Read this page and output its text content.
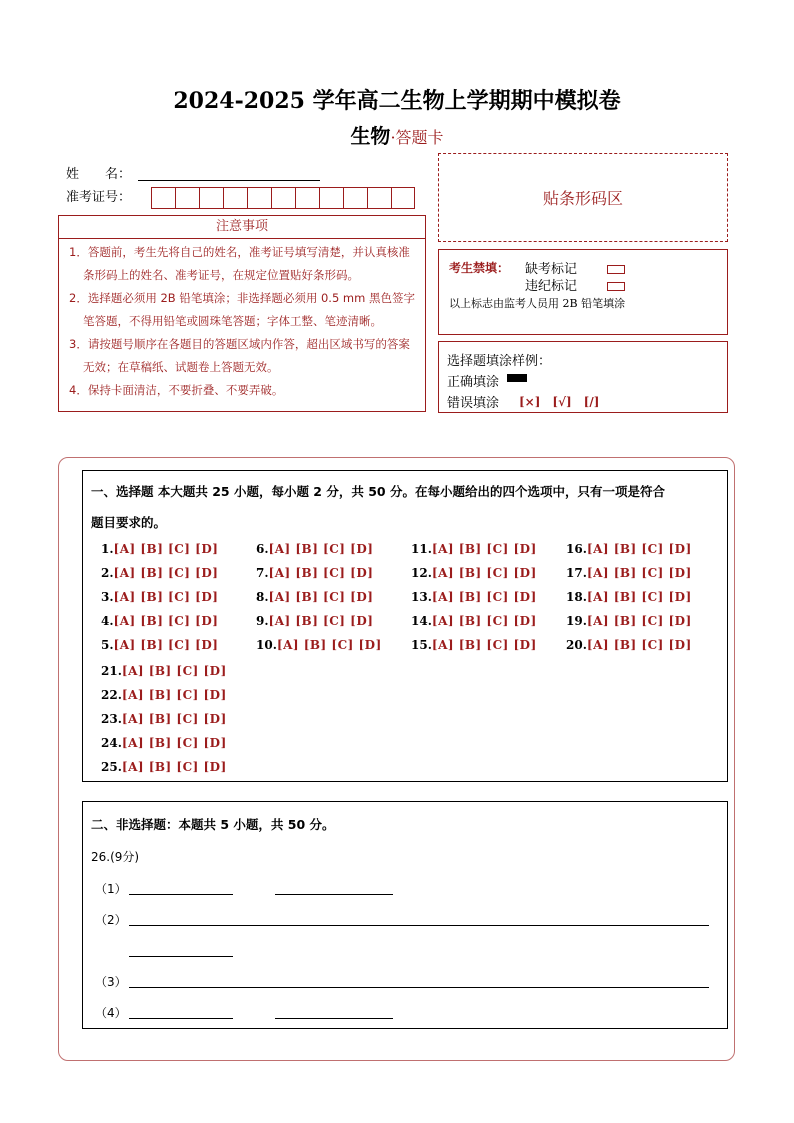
2024-2025 学年高二生物上学期期中模拟卷
生物·答题卡
姓　　名：
准考证号：
注意事项
1．答题前，考生先将自己的姓名，准考证号填写清楚，并认真核准条形码上的姓名、准考证号，在规定位置贴好条形码。
2．选择题必须用 2B 铅笔填涂；非选择题必须用 0.5 mm 黑色签字笔答题，不得用铅笔或圆珠笔答题；字体工整、笔迹清晰。
3．请按题号顺序在各题目的答题区域内作答，超出区域书写的答案无效；在草稿纸、试题卷上答题无效。
4．保持卡面清洁，不要折叠、不要弄破。
贴条形码区
考生禁填： 缺考标记
违纪标记
以上标志由监考人员用 2B 铅笔填涂
选择题填涂样例：
正确填涂
错误填涂 [×]　[√]　[/]
一、选择题 本大题共 25 小题，每小题 2 分，共 50 分。在每小题给出的四个选项中，只有一项是符合
题目要求的。
1.[A] [B] [C] [D]
2.[A] [B] [C] [D]
3.[A] [B] [C] [D]
4.[A] [B] [C] [D]
5.[A] [B] [C] [D]
6.[A] [B] [C] [D]
7.[A] [B] [C] [D]
8.[A] [B] [C] [D]
9.[A] [B] [C] [D]
10.[A] [B] [C] [D]
11.[A] [B] [C] [D]
12.[A] [B] [C] [D]
13.[A] [B] [C] [D]
14.[A] [B] [C] [D]
15.[A] [B] [C] [D]
16.[A] [B] [C] [D]
17.[A] [B] [C] [D]
18.[A] [B] [C] [D]
19.[A] [B] [C] [D]
20.[A] [B] [C] [D]
21.[A] [B] [C] [D]
22.[A] [B] [C] [D]
23.[A] [B] [C] [D]
24.[A] [B] [C] [D]
25.[A] [B] [C] [D]
二、非选择题：本题共 5 小题，共 50 分。
26.(9分)
（1）
（2）
（3）
（4）
